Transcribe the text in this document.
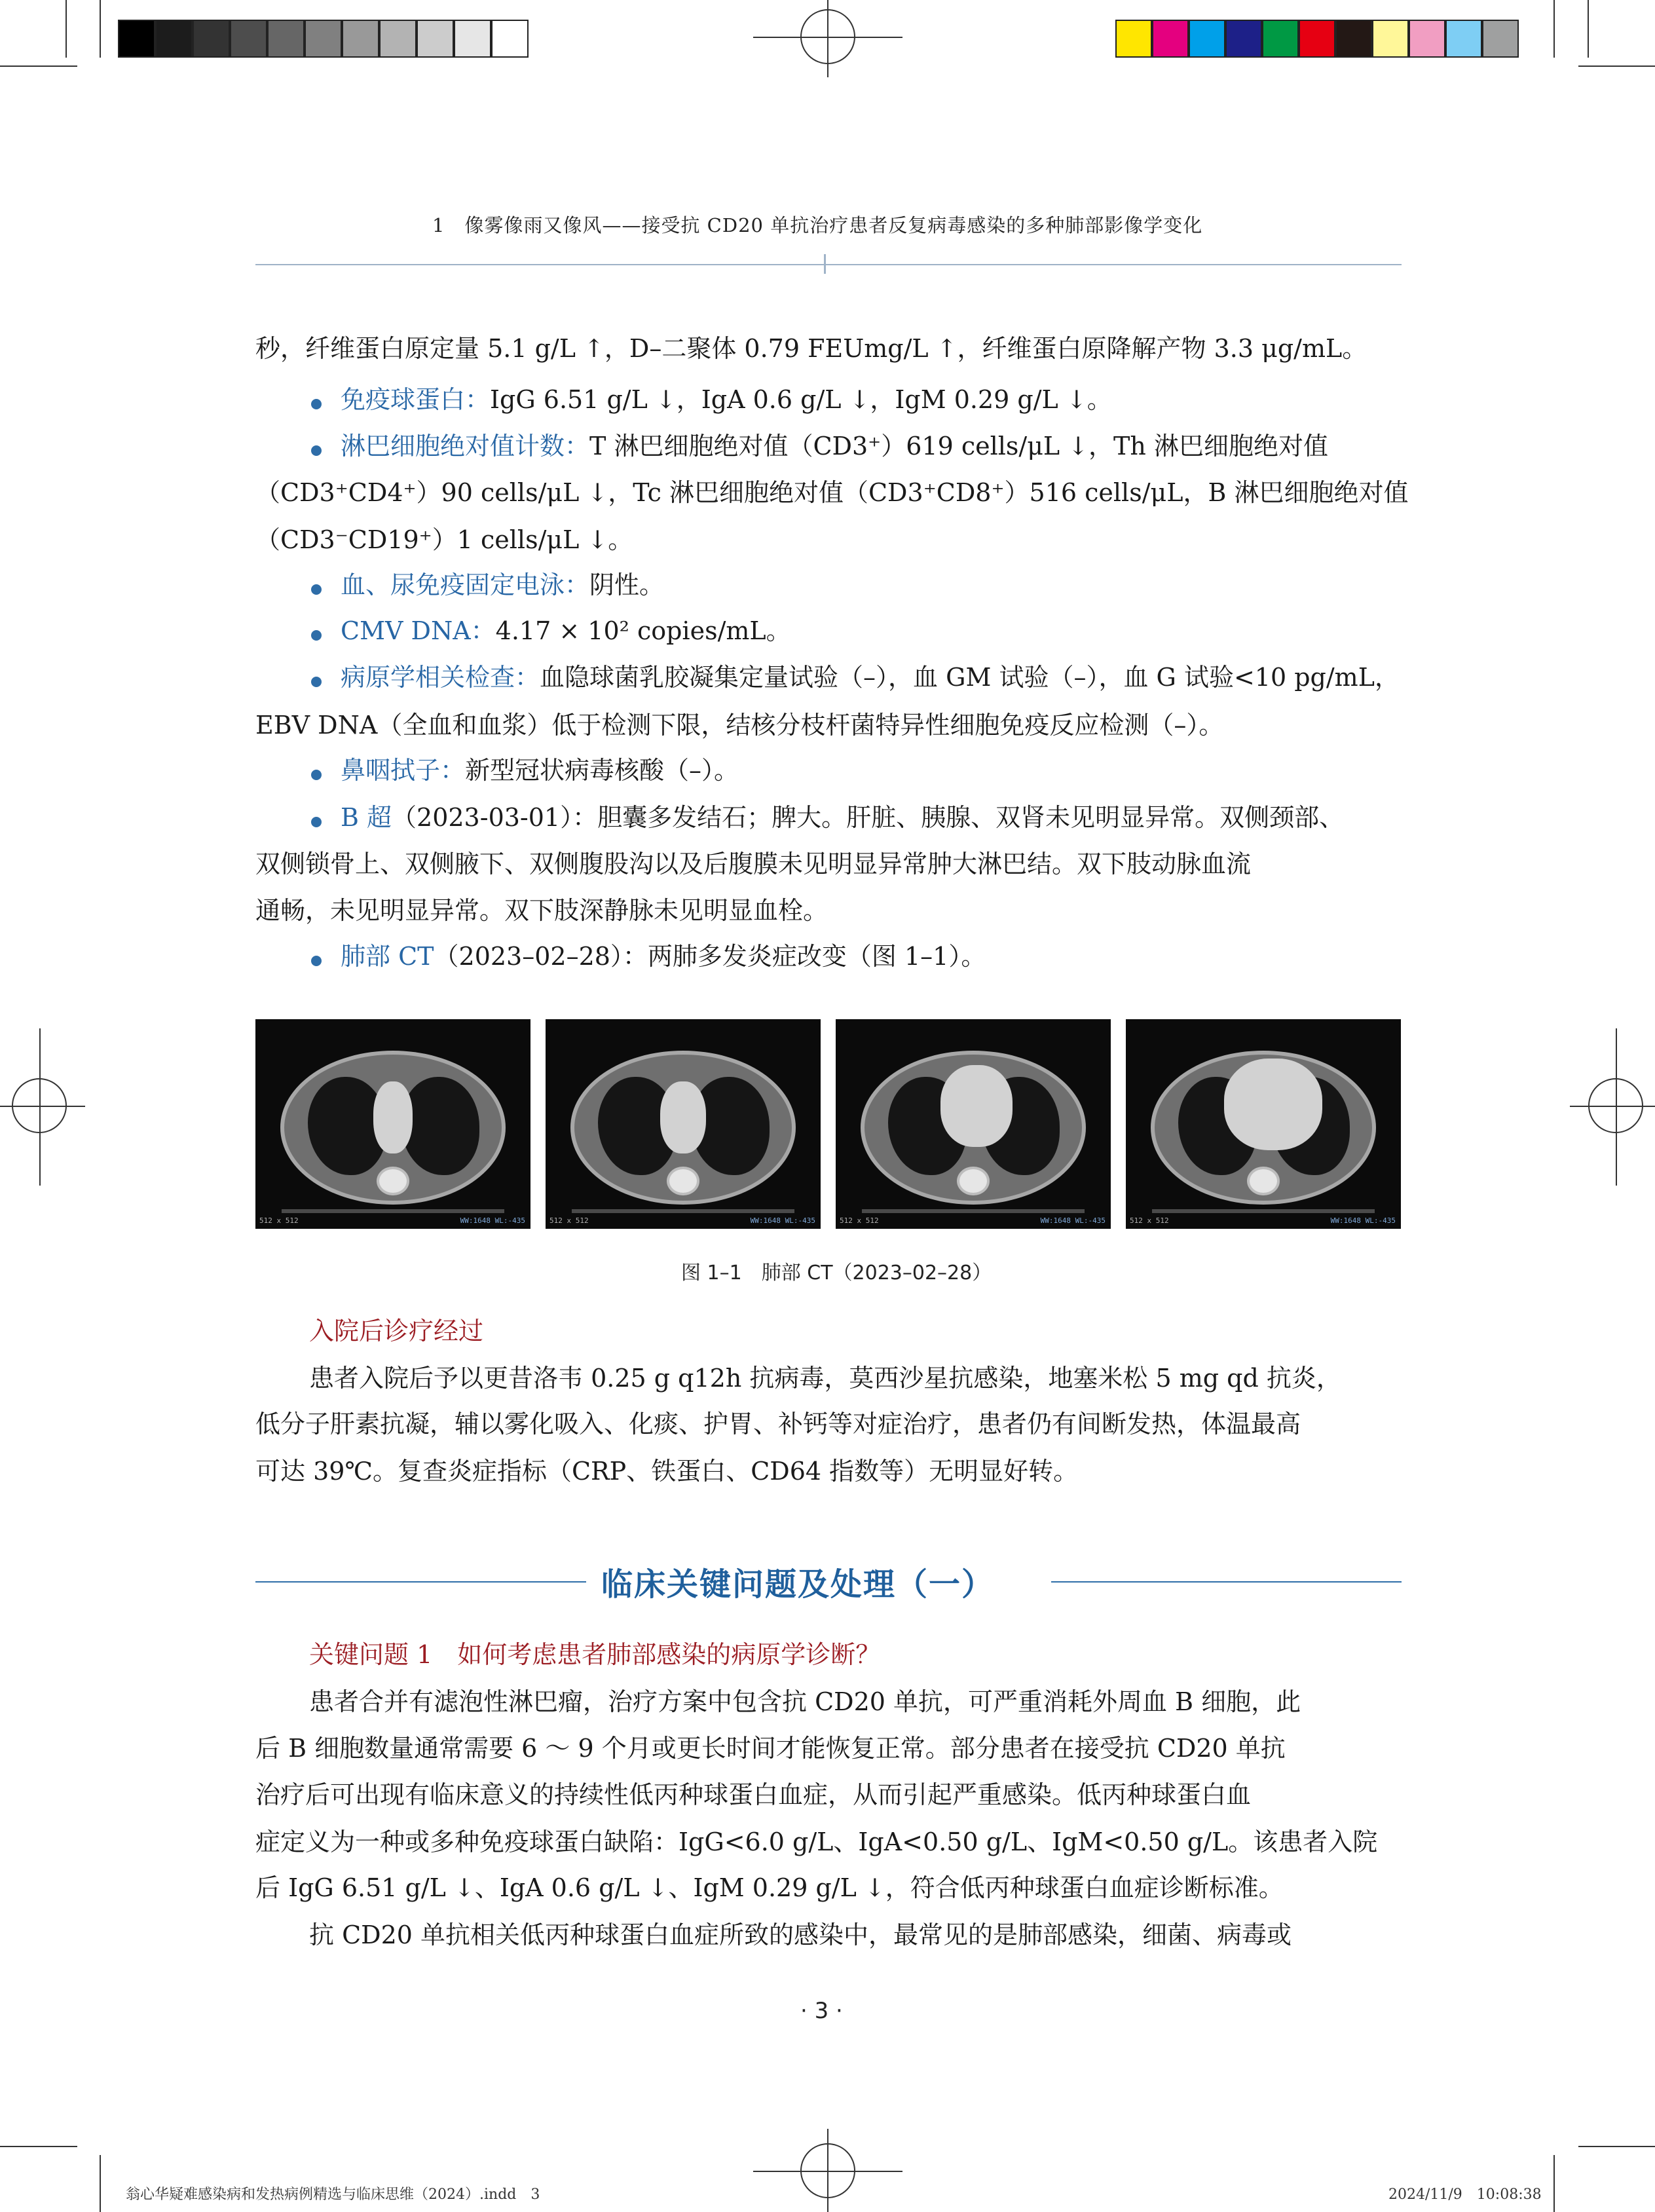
1　像雾像雨又像风——接受抗 CD20 单抗治疗患者反复病毒感染的多种肺部影像学变化
秒，纤维蛋白原定量 5.1 g/L ↑，D–二聚体 0.79 FEUmg/L ↑，纤维蛋白原降解产物 3.3 μg/mL。
免疫球蛋白：IgG 6.51 g/L ↓，IgA 0.6 g/L ↓，IgM 0.29 g/L ↓。
淋巴细胞绝对值计数：T 淋巴细胞绝对值（CD3⁺）619 cells/μL ↓，Th 淋巴细胞绝对值
（CD3⁺CD4⁺）90 cells/μL ↓，Tc 淋巴细胞绝对值（CD3⁺CD8⁺）516 cells/μL，B 淋巴细胞绝对值
（CD3⁻CD19⁺）1 cells/μL ↓。
血、尿免疫固定电泳：阴性。
CMV DNA：4.17 × 10² copies/mL。
病原学相关检查：血隐球菌乳胶凝集定量试验（–），血 GM 试验（–），血 G 试验<10 pg/mL，
EBV DNA（全血和血浆）低于检测下限，结核分枝杆菌特异性细胞免疫反应检测（–）。
鼻咽拭子：新型冠状病毒核酸（–）。
B 超（2023-03-01）：胆囊多发结石；脾大。肝脏、胰腺、双肾未见明显异常。双侧颈部、
双侧锁骨上、双侧腋下、双侧腹股沟以及后腹膜未见明显异常肿大淋巴结。双下肢动脉血流
通畅，未见明显异常。双下肢深静脉未见明显血栓。
肺部 CT（2023–02–28）：两肺多发炎症改变（图 1–1）。
512 x 512	WW:1648 WL:-435	512 x 512	WW:1648 WL:-435	512 x 512	WW:1648 WL:-435	512 x 512	WW:1648 WL:-435
图 1–1　肺部 CT（2023–02–28）
入院后诊疗经过
患者入院后予以更昔洛韦 0.25 g q12h 抗病毒，莫西沙星抗感染，地塞米松 5 mg qd 抗炎，
低分子肝素抗凝，辅以雾化吸入、化痰、护胃、补钙等对症治疗，患者仍有间断发热，体温最高
可达 39℃。复查炎症指标（CRP、铁蛋白、CD64 指数等）无明显好转。
临床关键问题及处理（一）
关键问题 1　如何考虑患者肺部感染的病原学诊断？
患者合并有滤泡性淋巴瘤，治疗方案中包含抗 CD20 单抗，可严重消耗外周血 B 细胞，此
后 B 细胞数量通常需要 6 ～ 9 个月或更长时间才能恢复正常。部分患者在接受抗 CD20 单抗
治疗后可出现有临床意义的持续性低丙种球蛋白血症，从而引起严重感染。低丙种球蛋白血
症定义为一种或多种免疫球蛋白缺陷：IgG<6.0 g/L、IgA<0.50 g/L、IgM<0.50 g/L。该患者入院
后 IgG 6.51 g/L ↓、IgA 0.6 g/L ↓、IgM 0.29 g/L ↓，符合低丙种球蛋白血症诊断标准。
抗 CD20 单抗相关低丙种球蛋白血症所致的感染中，最常见的是肺部感染，细菌、病毒或
· 3 ·
翁心华疑难感染病和发热病例精选与临床思维（2024）.indd　3	2024/11/9　10:08:38
